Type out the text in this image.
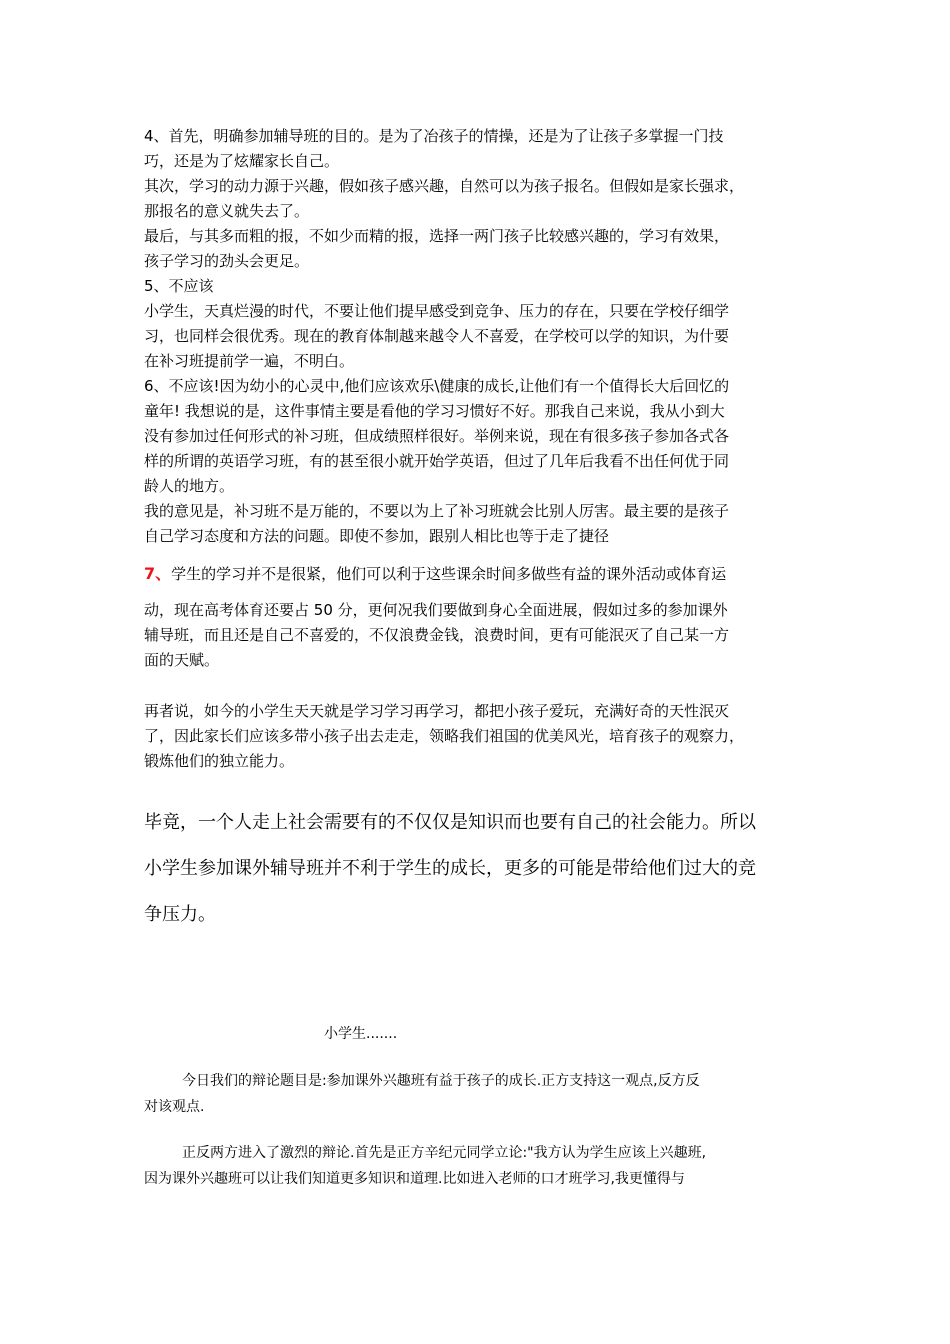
4、首先，明确参加辅导班的目的。是为了冶孩子的情操，还是为了让孩子多掌握一门技
巧，还是为了炫耀家长自己。
其次，学习的动力源于兴趣，假如孩子感兴趣，自然可以为孩子报名。但假如是家长强求，
那报名的意义就失去了。
最后，与其多而粗的报，不如少而精的报，选择一两门孩子比较感兴趣的，学习有效果，
孩子学习的劲头会更足。
5、不应该
小学生，天真烂漫的时代，不要让他们提早感受到竞争、压力的存在，只要在学校仔细学
习，也同样会很优秀。现在的教育体制越来越令人不喜爱，在学校可以学的知识，为什要
在补习班提前学一遍，不明白。
6、不应该!因为幼小的心灵中,他们应该欢乐\健康的成长,让他们有一个值得长大后回忆的
童年! 我想说的是，这件事情主要是看他的学习习惯好不好。那我自己来说，我从小到大
没有参加过任何形式的补习班，但成绩照样很好。举例来说，现在有很多孩子参加各式各
样的所谓的英语学习班，有的甚至很小就开始学英语，但过了几年后我看不出任何优于同
龄人的地方。
我的意见是，补习班不是万能的，不要以为上了补习班就会比别人厉害。最主要的是孩子
自己学习态度和方法的问题。即使不参加，跟别人相比也等于走了捷径
7、学生的学习并不是很紧，他们可以利于这些课余时间多做些有益的课外活动或体育运
动，现在高考体育还要占 50 分，更何况我们要做到身心全面进展，假如过多的参加课外
辅导班，而且还是自己不喜爱的，不仅浪费金钱，浪费时间，更有可能泯灭了自己某一方
面的天赋。
再者说，如今的小学生天天就是学习学习再学习，都把小孩子爱玩，充满好奇的天性泯灭
了，因此家长们应该多带小孩子出去走走，领略我们祖国的优美风光，培育孩子的观察力，
锻炼他们的独立能力。
毕竟，一个人走上社会需要有的不仅仅是知识而也要有自己的社会能力。所以
小学生参加课外辅导班并不利于学生的成长，更多的可能是带给他们过大的竞
争压力。
小学生.......
今日我们的辩论题目是:参加课外兴趣班有益于孩子的成长.正方支持这一观点,反方反
对该观点.
正反两方进入了激烈的辩论.首先是正方辛纪元同学立论:"我方认为学生应该上兴趣班,
因为课外兴趣班可以让我们知道更多知识和道理.比如进入老师的口才班学习,我更懂得与
